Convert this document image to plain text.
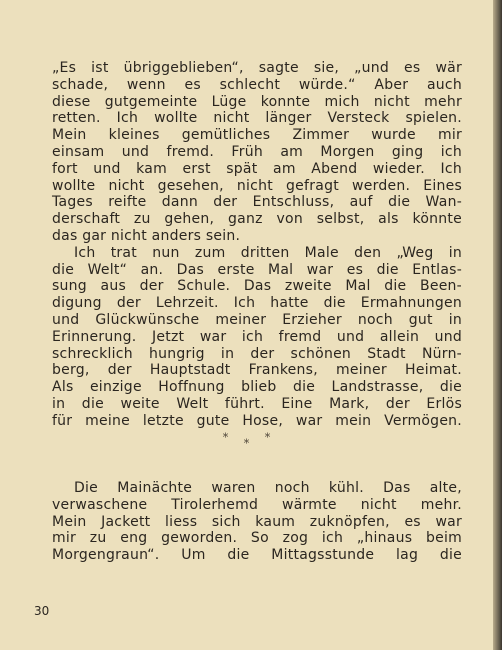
„Es ist übriggeblieben“, sagte sie, „und es wär
schade, wenn es schlecht würde.“ Aber auch
diese gutgemeinte Lüge konnte mich nicht mehr
retten. Ich wollte nicht länger Versteck spielen.
Mein kleines gemütliches Zimmer wurde mir
einsam und fremd. Früh am Morgen ging ich
fort und kam erst spät am Abend wieder. Ich
wollte nicht gesehen, nicht gefragt werden. Eines
Tages reifte dann der Entschluss, auf die Wan-
derschaft zu gehen, ganz von selbst, als könnte
das gar nicht anders sein.
Ich trat nun zum dritten Male den „Weg in
die Welt“ an. Das erste Mal war es die Entlas-
sung aus der Schule. Das zweite Mal die Been-
digung der Lehrzeit. Ich hatte die Ermahnungen
und Glückwünsche meiner Erzieher noch gut in
Erinnerung. Jetzt war ich fremd und allein und
schrecklich hungrig in der schönen Stadt Nürn-
berg, der Hauptstadt Frankens, meiner Heimat.
Als einzige Hoffnung blieb die Landstrasse, die
in die weite Welt führt. Eine Mark, der Erlös
für meine letzte gute Hose, war mein Vermögen.
* * *
Die Mainächte waren noch kühl. Das alte,
verwaschene Tirolerhemd wärmte nicht mehr.
Mein Jackett liess sich kaum zuknöpfen, es war
mir zu eng geworden. So zog ich „hinaus beim
Morgengraun“. Um die Mittagsstunde lag die
30
